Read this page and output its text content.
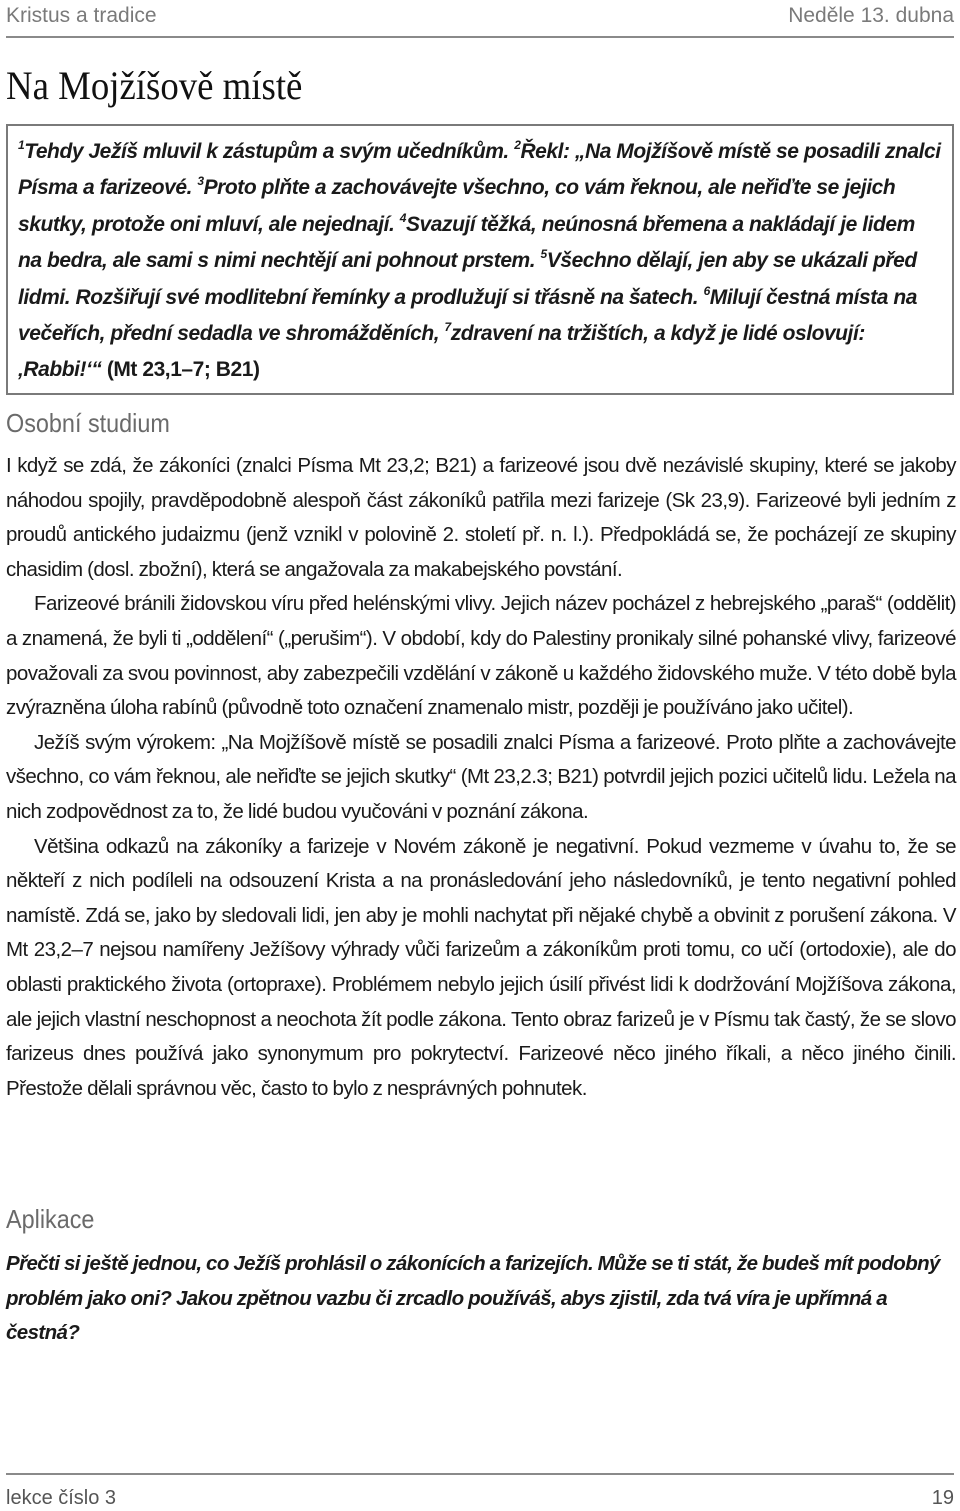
Kristus a tradice	Neděle 13. dubna
Na Mojžíšově místě
$^1$Tehdy Ježíš mluvil k zástupům a svým učedníkům. $^2$Řekl: „Na Mojžíšově místě se posadili znalci Písma a farizeové. $^3$Proto plňte a zachovávejte všechno, co vám řeknou, ale neřiďte se jejich skutky, protože oni mluví, ale nejednají. $^4$Svazují těžká, neúnosná břemena a nakládají je lidem na bedra, ale sami s nimi nechtějí ani pohnout prstem. $^5$Všechno dělají, jen aby se ukázali před lidmi. Rozšiřují své modlitební řemínky a prodlužují si třásně na šatech. $^6$Milují čestná místa na večeřích, přední sedadla ve shromážděních, $^7$zdravení na tržištích, a když je lidé oslovují: ‚Rabbi!‘“ (Mt 23,1–7; B21)
Osobní studium

I když se zdá, že zákoníci (znalci Písma Mt 23,2; B21) a farizeové jsou dvě nezávislé skupiny, které se jakoby náhodou spojily, pravděpodobně alespoň část zákoníků patřila mezi farizeje (Sk 23,9). Farizeové byli jedním z proudů antického judaizmu (jenž vznikl v polovině 2. století př. n. l.). Předpokládá se, že pocházejí ze skupiny chasidim (dosl. zbožní), která se angažovala za makabejského povstání.

Farizeové bránili židovskou víru před helénskými vlivy. Jejich název pocházel z hebrejského „paraš“ (oddělit) a znamená, že byli ti „oddělení“ („perušim“). V období, kdy do Palestiny pronikaly silné pohanské vlivy, farizeové považovali za svou povinnost, aby zabezpečili vzdělání v zákoně u každého židovského muže. V této době byla zvýrazněna úloha rabínů (původně toto označení znamenalo mistr, později je používáno jako učitel).

Ježíš svým výrokem: „Na Mojžíšově místě se posadili znalci Písma a farizeové. Proto plňte a zachovávejte všechno, co vám řeknou, ale neřiďte se jejich skutky“ (Mt 23,2.3; B21) potvrdil jejich pozici učitelů lidu. Ležela na nich zodpovědnost za to, že lidé budou vyučováni v poznání zákona.

Většina odkazů na zákoníky a farizeje v Novém zákoně je negativní. Pokud vezmeme v úvahu to, že se někteří z nich podíleli na odsouzení Krista a na pronásledování jeho následovníků, je tento negativní pohled namístě. Zdá se, jako by sledovali lidi, jen aby je mohli nachytat při nějaké chybě a obvinit z porušení zákona. V Mt 23,2–7 nejsou namířeny Ježíšovy výhrady vůči farizeům a zákoníkům proti tomu, co učí (ortodoxie), ale do oblasti praktického života (ortopraxe). Problémem nebylo jejich úsilí přivést lidi k dodržování Mojžíšova zákona, ale jejich vlastní neschopnost a neochota žít podle zákona. Tento obraz farizeů je v Písmu tak častý, že se slovo farizeus dnes používá jako synonymum pro pokrytectví. Farizeové něco jiného říkali, a něco jiného činili. Přestože dělali správnou věc, často to bylo z nesprávných pohnutek.

Aplikace
Přečti si ještě jednou, co Ježíš prohlásil o zákonících a farizejích. Může se ti stát, že budeš mít podobný problém jako oni? Jakou zpětnou vazbu či zrcadlo používáš, abys zjistil, zda tvá víra je upřímná a čestná?
lekce číslo 3	19
